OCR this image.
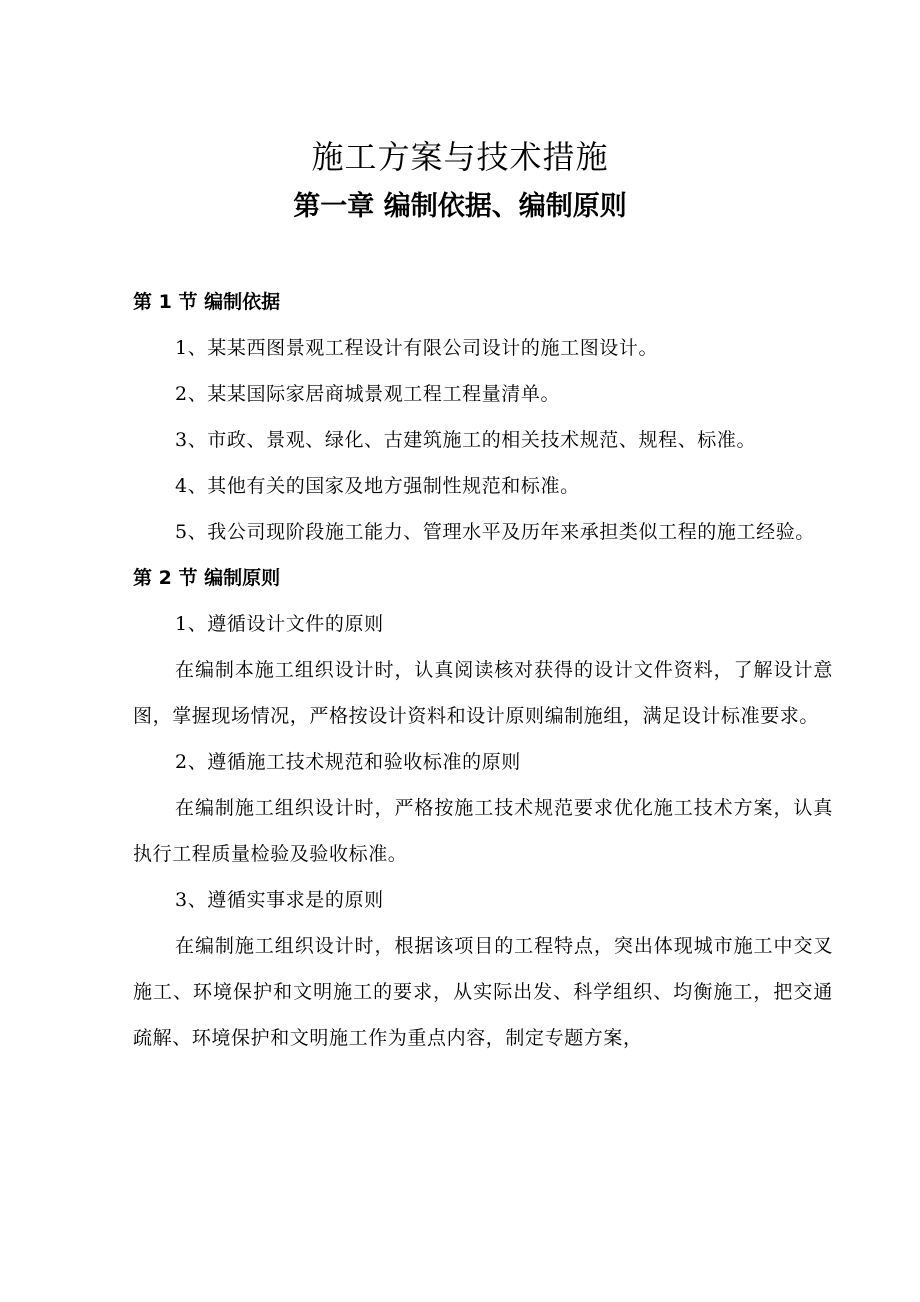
施工方案与技术措施
第一章 编制依据、编制原则

第 1 节 编制依据

1、某某西图景观工程设计有限公司设计的施工图设计。

2、某某国际家居商城景观工程工程量清单。

3、市政、景观、绿化、古建筑施工的相关技术规范、规程、标准。

4、其他有关的国家及地方强制性规范和标准。

5、我公司现阶段施工能力、管理水平及历年来承担类似工程的施工经验。

第 2 节 编制原则

1、遵循设计文件的原则

在编制本施工组织设计时，认真阅读核对获得的设计文件资料，了解设计意图，掌握现场情况，严格按设计资料和设计原则编制施组，满足设计标准要求。

2、遵循施工技术规范和验收标准的原则

在编制施工组织设计时，严格按施工技术规范要求优化施工技术方案，认真执行工程质量检验及验收标准。

3、遵循实事求是的原则

在编制施工组织设计时，根据该项目的工程特点，突出体现城市施工中交叉施工、环境保护和文明施工的要求，从实际出发、科学组织、均衡施工，把交通疏解、环境保护和文明施工作为重点内容，制定专题方案，
